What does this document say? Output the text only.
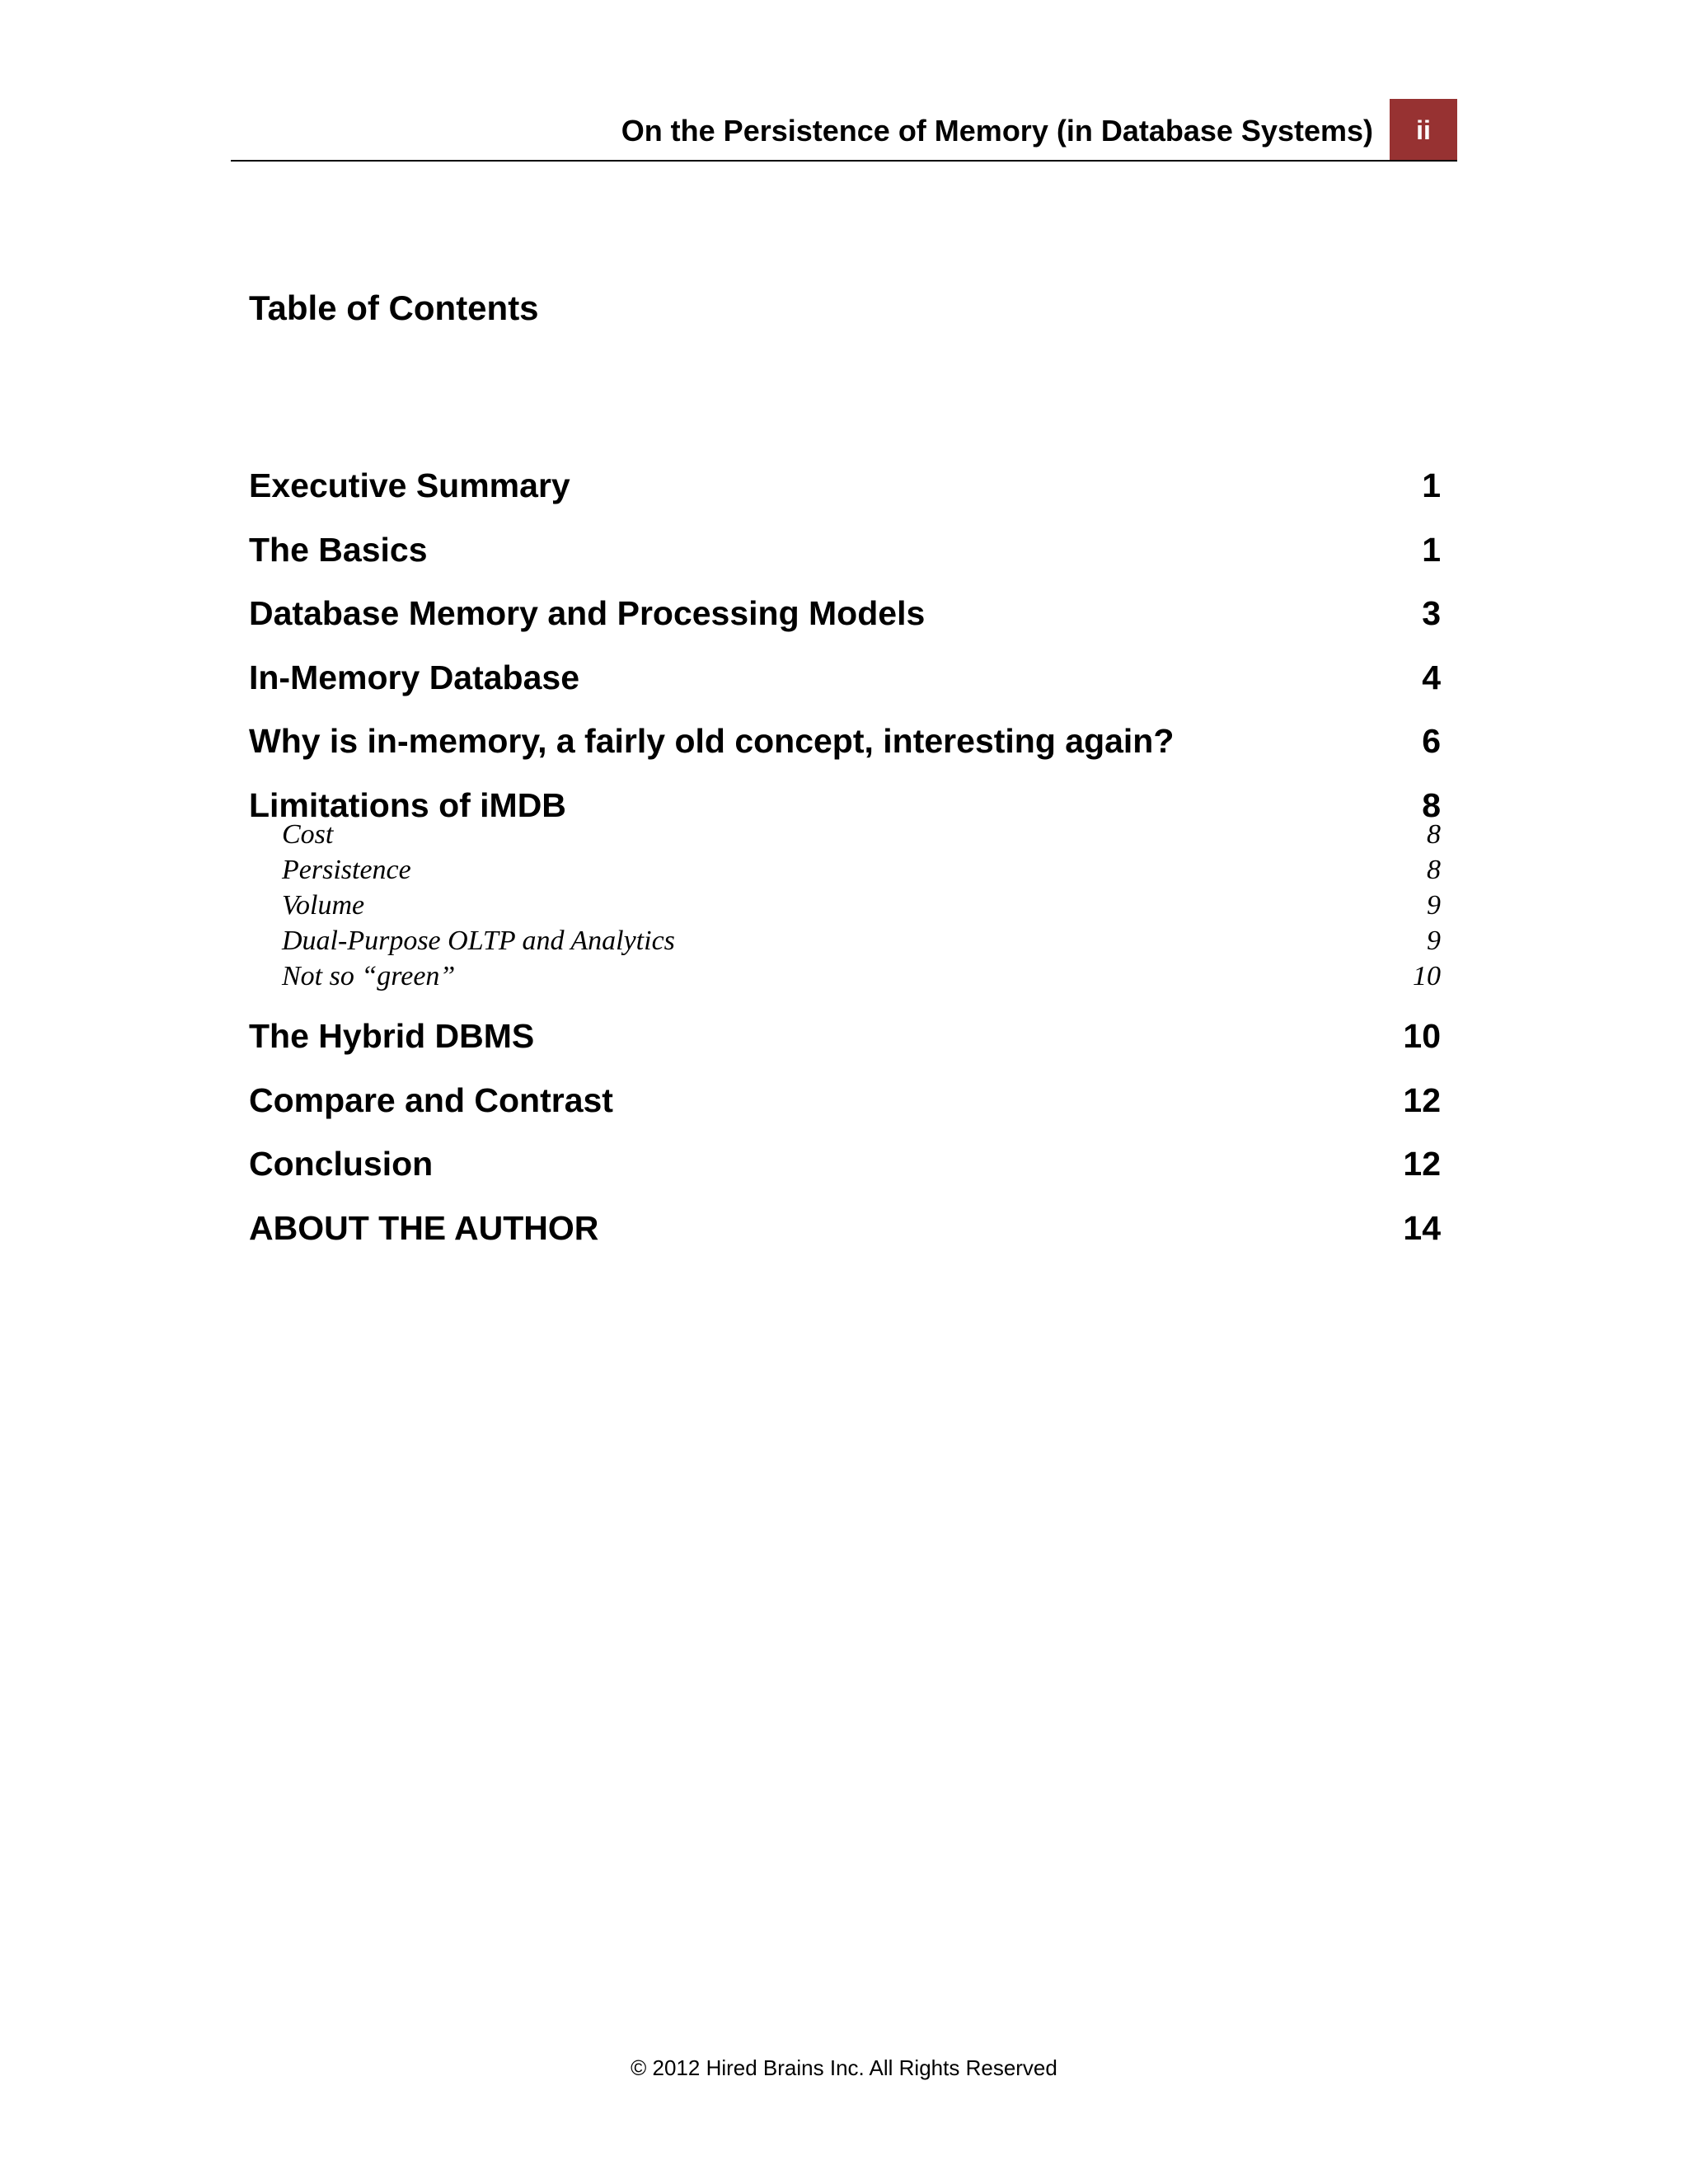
On the Persistence of Memory (in Database Systems)	ii
Table of Contents
Executive Summary	1
The Basics	1
Database Memory and Processing Models	3
In-Memory Database	4
Why is in-memory, a fairly old concept, interesting again?	6
Limitations of iMDB	8
Cost	8
Persistence	8
Volume	9
Dual-Purpose OLTP and Analytics	9
Not so “green”	10
The Hybrid DBMS	10
Compare and Contrast	12
Conclusion	12
ABOUT THE AUTHOR	14
© 2012 Hired Brains Inc. All Rights Reserved
